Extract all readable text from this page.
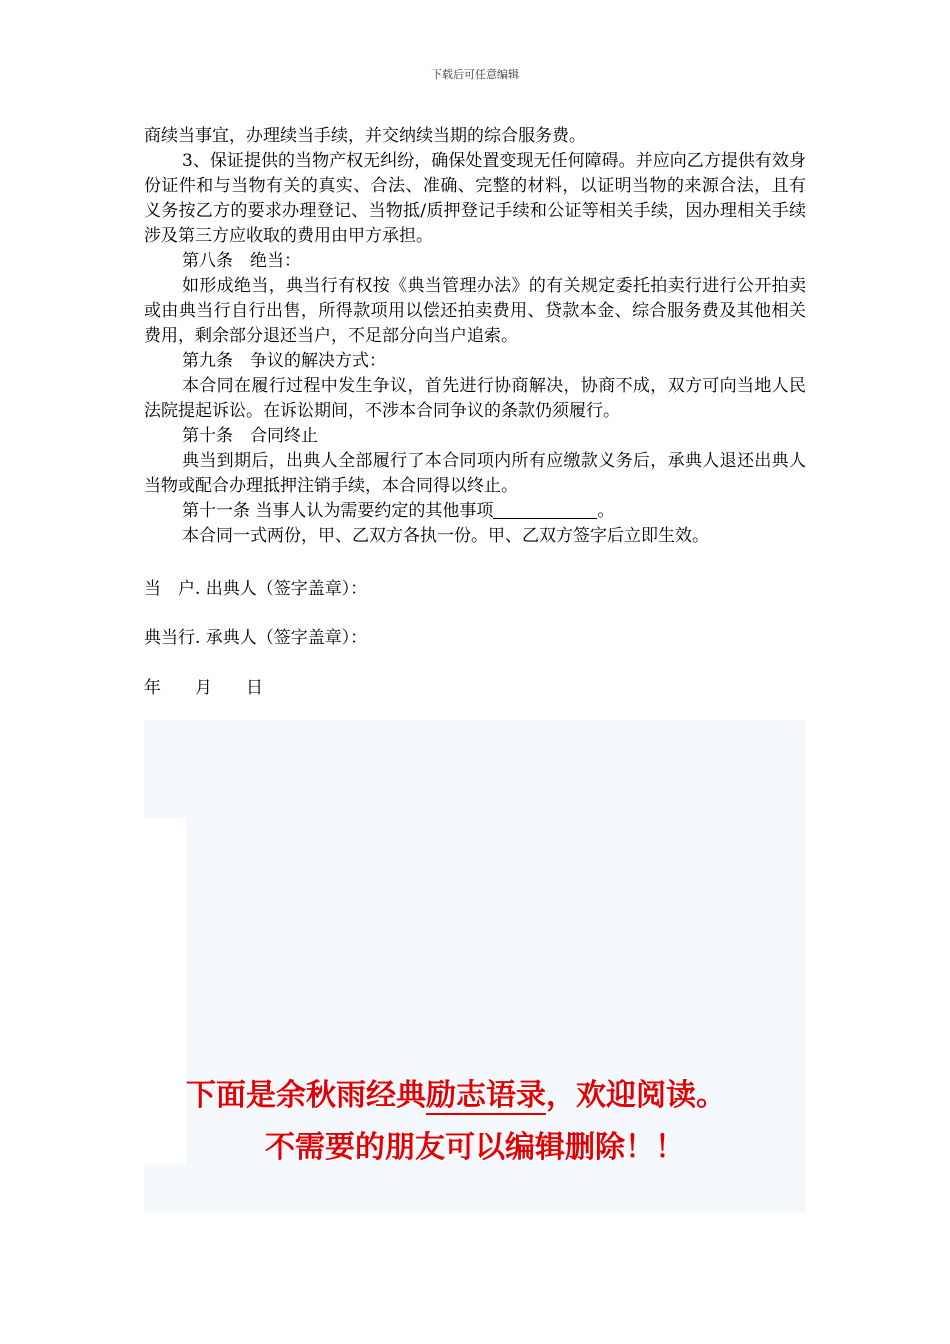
下载后可任意编辑

商续当事宜，办理续当手续，并交纳续当期的综合服务费。

3、保证提供的当物产权无纠纷，确保处置变现无任何障碍。并应向乙方提供有效身份证件和与当物有关的真实、合法、准确、完整的材料，以证明当物的来源合法，且有义务按乙方的要求办理登记、当物抵/质押登记手续和公证等相关手续，因办理相关手续涉及第三方应收取的费用由甲方承担。

第八条　绝当：

如形成绝当，典当行有权按《典当管理办法》的有关规定委托拍卖行进行公开拍卖或由典当行自行出售，所得款项用以偿还拍卖费用、贷款本金、综合服务费及其他相关费用，剩余部分退还当户，不足部分向当户追索。

第九条　争议的解决方式：

本合同在履行过程中发生争议，首先进行协商解决，协商不成，双方可向当地人民法院提起诉讼。在诉讼期间，不涉本合同争议的条款仍须履行。

第十条　合同终止

典当到期后，出典人全部履行了本合同项内所有应缴款义务后，承典人退还出典人当物或配合办理抵押注销手续，本合同得以终止。

第十一条 当事人认为需要约定的其他事项	。

本合同一式两份，甲、乙双方各执一份。甲、乙双方签字后立即生效。

当　户. 出典人（签字盖章）：
典当行. 承典人（签字盖章）：
年　　月　　日
下面是余秋雨经典励志语录，欢迎阅读。
不需要的朋友可以编辑删除！！
